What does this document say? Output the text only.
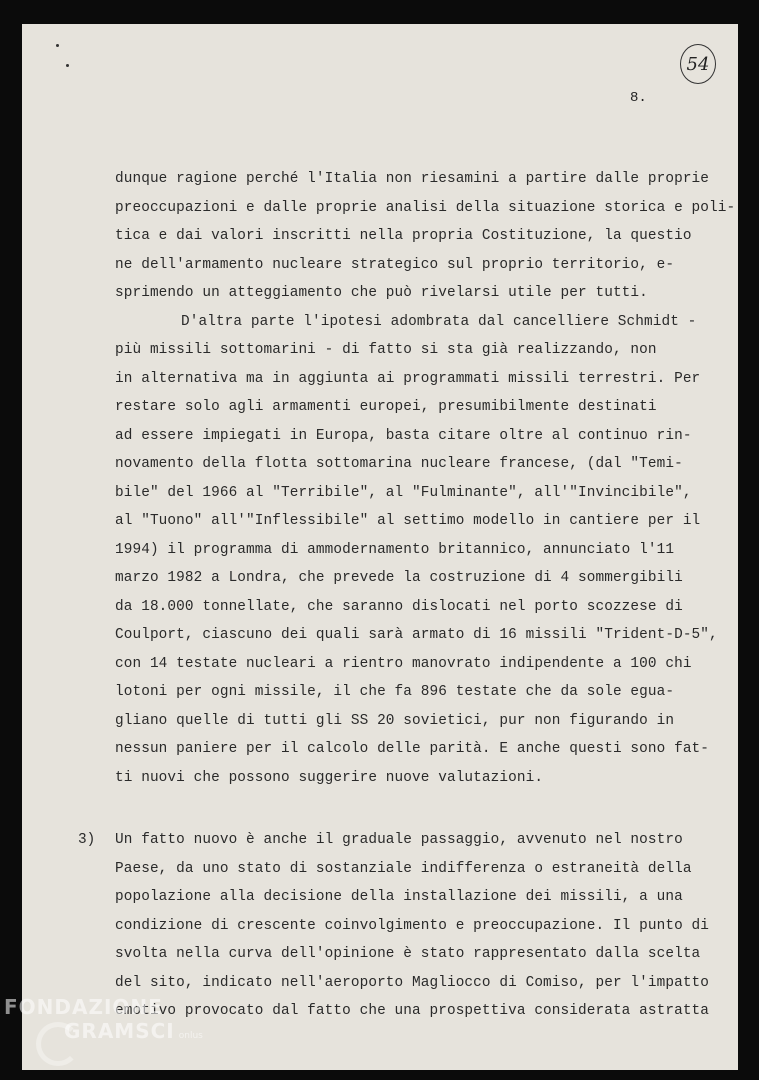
54
8.
dunque ragione perché l'Italia non riesamini a partire dalle proprie
preoccupazioni e dalle proprie analisi della situazione storica e poli-
tica e dai valori inscritti nella propria Costituzione, la questio
ne dell'armamento nucleare strategico sul proprio territorio, e-
sprimendo un atteggiamento che può rivelarsi utile per tutti.
D'altra parte l'ipotesi adombrata dal cancelliere Schmidt -
più missili sottomarini - di fatto si sta già realizzando, non
in alternativa ma in aggiunta ai programmati missili terrestri. Per
restare solo agli armamenti europei, presumibilmente destinati
ad essere impiegati in Europa, basta citare oltre al continuo rin-
novamento della flotta sottomarina nucleare francese, (dal "Temi-
bile" del 1966 al "Terribile", al "Fulminante", all'"Invincibile",
al "Tuono" all'"Inflessibile" al settimo modello in cantiere per il
1994) il programma di ammodernamento britannico, annunciato l'11
marzo 1982 a Londra, che prevede la costruzione di 4 sommergibili
da 18.000 tonnellate, che saranno dislocati nel porto scozzese di
Coulport, ciascuno dei quali sarà armato di 16 missili "Trident-D-5",
con 14 testate nucleari a rientro manovrato indipendente a 100 chi
lotoni per ogni missile, il che fa 896 testate che da sole egua-
gliano quelle di tutti gli SS 20 sovietici, pur non figurando in
nessun paniere per il calcolo delle parità. E anche questi sono fat-
ti nuovi che possono suggerire nuove valutazioni.
3) Un fatto nuovo è anche il graduale passaggio, avvenuto nel nostro
Paese, da uno stato di sostanziale indifferenza o estraneità della
popolazione alla decisione della installazione dei missili, a una
condizione di crescente coinvolgimento e preoccupazione. Il punto di
svolta nella curva dell'opinione è stato rappresentato dalla scelta
del sito, indicato nell'aeroporto Magliocco di Comiso, per l'impatto
emotivo provocato dal fatto che una prospettiva considerata astratta
FONDAZIONE
GRAMSCI onlus
